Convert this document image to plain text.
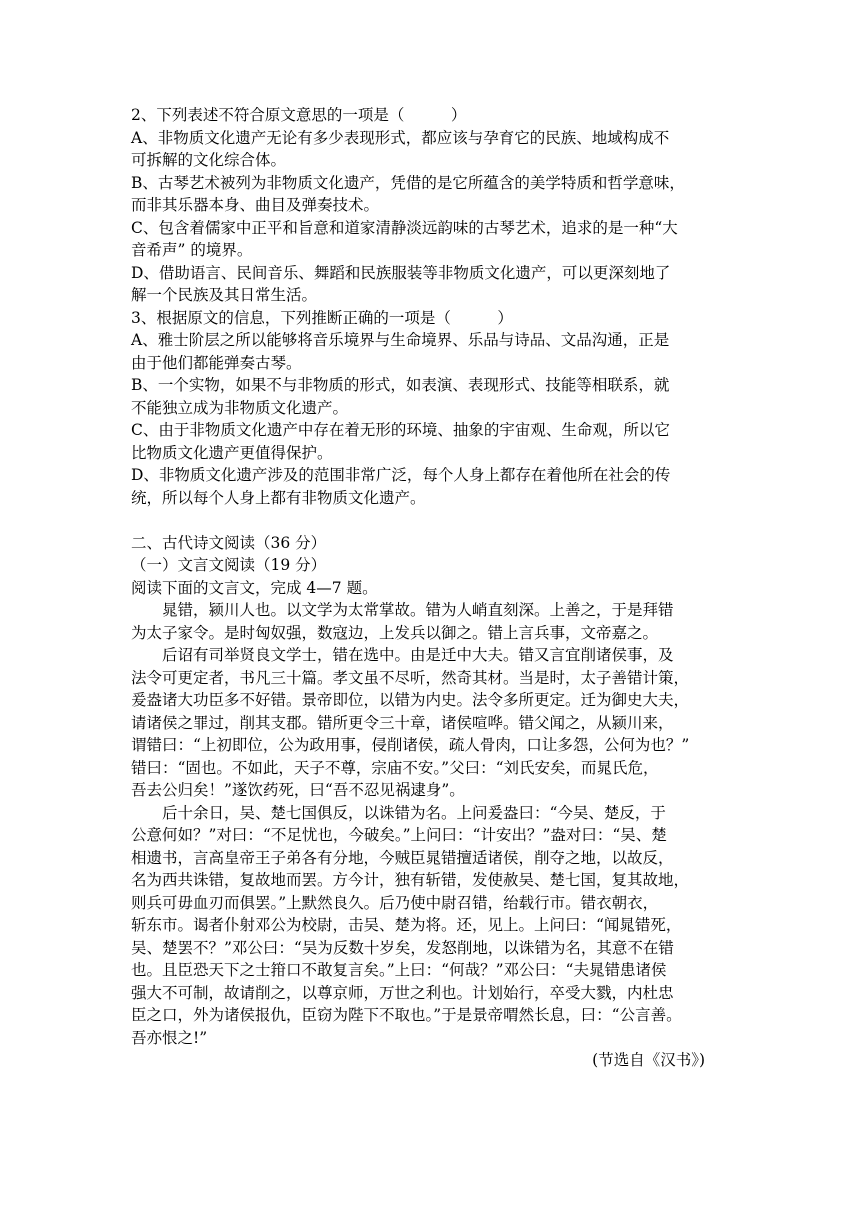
2、下列表述不符合原文意思的一项是（　　　）
A、非物质文化遗产无论有多少表现形式，都应该与孕育它的民族、地域构成不
可拆解的文化综合体。
B、古琴艺术被列为非物质文化遗产，凭借的是它所蕴含的美学特质和哲学意味，
而非其乐器本身、曲目及弹奏技术。
C、包含着儒家中正平和旨意和道家清静淡远韵味的古琴艺术，追求的是一种“大
音希声” 的境界。
D、借助语言、民间音乐、舞蹈和民族服装等非物质文化遗产，可以更深刻地了
解一个民族及其日常生活。
3、根据原文的信息，下列推断正确的一项是（　　　）
A、雅士阶层之所以能够将音乐境界与生命境界、乐品与诗品、文品沟通，正是
由于他们都能弹奏古琴。
B、一个实物，如果不与非物质的形式，如表演、表现形式、技能等相联系，就
不能独立成为非物质文化遗产。
C、由于非物质文化遗产中存在着无形的环境、抽象的宇宙观、生命观，所以它
比物质文化遗产更值得保护。
D、非物质文化遗产涉及的范围非常广泛，每个人身上都存在着他所在社会的传
统，所以每个人身上都有非物质文化遗产。
二、古代诗文阅读（36 分）
（一）文言文阅读（19 分）
阅读下面的文言文，完成 4—7 题。
晁错，颍川人也。以文学为太常掌故。错为人峭直刻深。上善之，于是拜错
为太子家令。是时匈奴强，数寇边，上发兵以御之。错上言兵事，文帝嘉之。
后诏有司举贤良文学士，错在选中。由是迁中大夫。错又言宜削诸侯事，及
法令可更定者，书凡三十篇。孝文虽不尽听，然奇其材。当是时，太子善错计策，
爰盎诸大功臣多不好错。景帝即位，以错为内史。法令多所更定。迁为御史大夫，
请诸侯之罪过，削其支郡。错所更令三十章，诸侯喧哗。错父闻之，从颍川来，
谓错曰：“上初即位，公为政用事，侵削诸侯，疏人骨肉，口让多怨，公何为也？”
错曰：“固也。不如此，天子不尊，宗庙不安。”父曰：“刘氏安矣，而晁氏危，
吾去公归矣！”遂饮药死，曰“吾不忍见祸逮身”。
后十余日，吴、楚七国俱反，以诛错为名。上问爰盎曰：“今吴、楚反，于
公意何如？”对曰：“不足忧也，今破矣。”上问曰：“计安出？”盎对曰：“吴、楚
相遗书，言高皇帝王子弟各有分地，今贼臣晁错擅适诸侯，削夺之地，以故反，
名为西共诛错，复故地而罢。方今计，独有斩错，发使赦吴、楚七国，复其故地，
则兵可毋血刃而俱罢。”上默然良久。后乃使中尉召错，绐载行市。错衣朝衣，
斩东市。谒者仆射邓公为校尉，击吴、楚为将。还，见上。上问曰：“闻晁错死，
吴、楚罢不？”邓公曰：“吴为反数十岁矣，发怒削地，以诛错为名，其意不在错
也。且臣恐天下之士箝口不敢复言矣。”上曰：“何哉？”邓公曰：“夫晁错患诸侯
强大不可制，故请削之，以尊京师，万世之利也。计划始行，卒受大戮，内杜忠
臣之口，外为诸侯报仇，臣窃为陛下不取也。”于是景帝喟然长息，曰：“公言善。
吾亦恨之!”
(节选自《汉书》)
